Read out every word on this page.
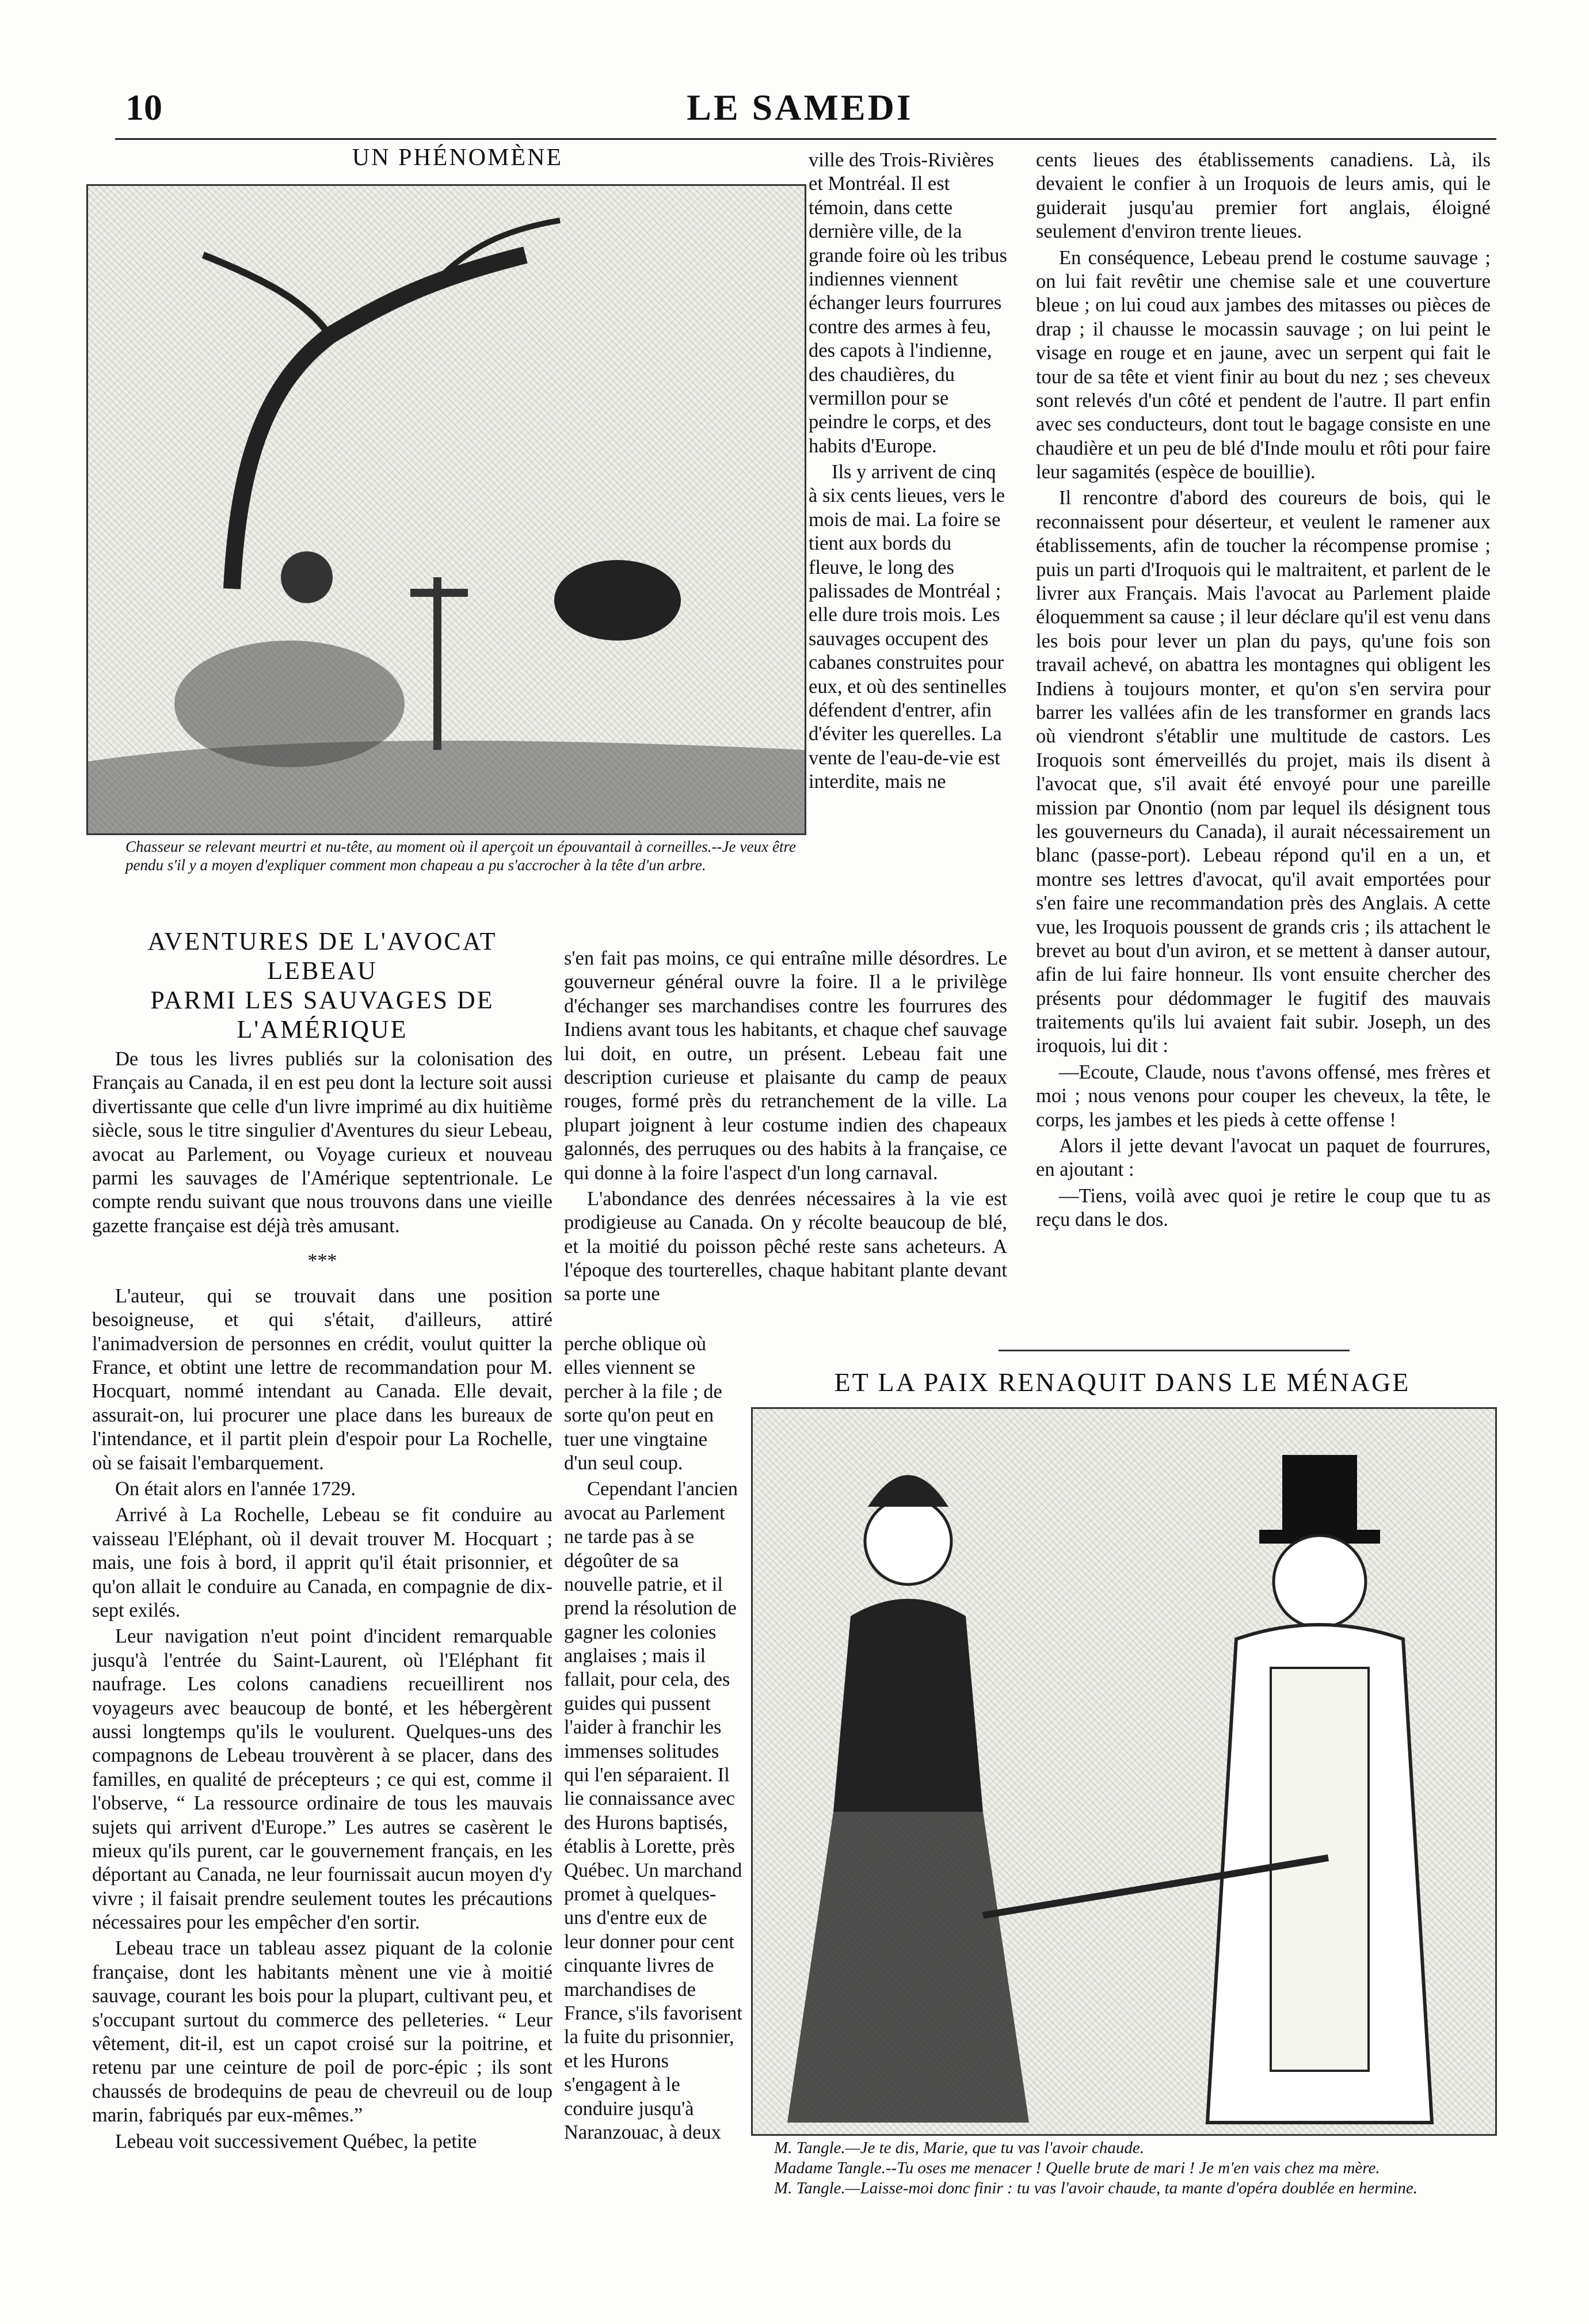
10	LE SAMEDI
UN PHÉNOMÈNE
Chasseur se relevant meurtri et nu-tête, au moment où il aperçoit un épouvantail à corneilles.--Je veux être pendu s'il y a moyen d'expliquer comment mon chapeau a pu s'accrocher à la tête d'un arbre.
AVENTURES DE L'AVOCAT LEBEAU
PARMI LES SAUVAGES DE
L'AMÉRIQUE

De tous les livres publiés sur la colonisation des Français au Canada, il en est peu dont la lecture soit aussi divertissante que celle d'un livre imprimé au dix huitième siècle, sous le titre singulier d'Aventures du sieur Lebeau, avocat au Parlement, ou Voyage curieux et nouveau parmi les sauvages de l'Amérique septentrionale. Le compte rendu suivant que nous trouvons dans une vieille gazette française est déjà très amusant.

***

L'auteur, qui se trouvait dans une position besoigneuse, et qui s'était, d'ailleurs, attiré l'animadversion de personnes en crédit, voulut quitter la France, et obtint une lettre de recommandation pour M. Hocquart, nommé intendant au Canada. Elle devait, assurait-on, lui procurer une place dans les bureaux de l'intendance, et il partit plein d'espoir pour La Rochelle, où se faisait l'embarquement.

On était alors en l'année 1729.

Arrivé à La Rochelle, Lebeau se fit conduire au vaisseau l'Eléphant, où il devait trouver M. Hocquart ; mais, une fois à bord, il apprit qu'il était prisonnier, et qu'on allait le conduire au Canada, en compagnie de dix-sept exilés.

Leur navigation n'eut point d'incident remarquable jusqu'à l'entrée du Saint-Laurent, où l'Eléphant fit naufrage. Les colons canadiens recueillirent nos voyageurs avec beaucoup de bonté, et les hébergèrent aussi longtemps qu'ils le voulurent. Quelques-uns des compagnons de Lebeau trouvèrent à se placer, dans des familles, en qualité de précepteurs ; ce qui est, comme il l'observe, “ La ressource ordinaire de tous les mauvais sujets qui arrivent d'Europe.” Les autres se casèrent le mieux qu'ils purent, car le gouvernement français, en les déportant au Canada, ne leur fournissait aucun moyen d'y vivre ; il faisait prendre seulement toutes les précautions nécessaires pour les empêcher d'en sortir.

Lebeau trace un tableau assez piquant de la colonie française, dont les habitants mènent une vie à moitié sauvage, courant les bois pour la plupart, cultivant peu, et s'occupant surtout du commerce des pelleteries. “ Leur vêtement, dit-il, est un capot croisé sur la poitrine, et retenu par une ceinture de poil de porc-épic ; ils sont chaussés de brodequins de peau de chevreuil ou de loup marin, fabriqués par eux-mêmes.”

Lebeau voit successivement Québec, la petite

ville des Trois-Rivières et Montréal. Il est témoin, dans cette dernière ville, de la grande foire où les tribus indiennes viennent échanger leurs fourrures contre des armes à feu, des capots à l'indienne, des chaudières, du vermillon pour se peindre le corps, et des habits d'Europe.

Ils y arrivent de cinq à six cents lieues, vers le mois de mai. La foire se tient aux bords du fleuve, le long des palissades de Montréal ; elle dure trois mois. Les sauvages occupent des cabanes construites pour eux, et où des sentinelles défendent d'entrer, afin d'éviter les querelles. La vente de l'eau-de-vie est interdite, mais ne

s'en fait pas moins, ce qui entraîne mille désordres. Le gouverneur général ouvre la foire. Il a le privilège d'échanger ses marchandises contre les fourrures des Indiens avant tous les habitants, et chaque chef sauvage lui doit, en outre, un présent. Lebeau fait une description curieuse et plaisante du camp de peaux rouges, formé près du retranchement de la ville. La plupart joignent à leur costume indien des chapeaux galonnés, des perruques ou des habits à la française, ce qui donne à la foire l'aspect d'un long carnaval.

L'abondance des denrées nécessaires à la vie est prodigieuse au Canada. On y récolte beaucoup de blé, et la moitié du poisson pêché reste sans acheteurs. A l'époque des tourterelles, chaque habitant plante devant sa porte une

perche oblique où elles viennent se percher à la file ; de sorte qu'on peut en tuer une vingtaine d'un seul coup.

Cependant l'ancien avocat au Parlement ne tarde pas à se dégoûter de sa nouvelle patrie, et il prend la résolution de gagner les colonies anglaises ; mais il fallait, pour cela, des guides qui pussent l'aider à franchir les immenses solitudes qui l'en séparaient. Il lie connaissance avec des Hurons baptisés, établis à Lorette, près Québec. Un marchand promet à quelques-uns d'entre eux de leur donner pour cent cinquante livres de marchandises de France, s'ils favorisent la fuite du prisonnier, et les Hurons s'engagent à le conduire jusqu'à Naranzouac, à deux

cents lieues des établissements canadiens. Là, ils devaient le confier à un Iroquois de leurs amis, qui le guiderait jusqu'au premier fort anglais, éloigné seulement d'environ trente lieues.

En conséquence, Lebeau prend le costume sauvage ; on lui fait revêtir une chemise sale et une couverture bleue ; on lui coud aux jambes des mitasses ou pièces de drap ; il chausse le mocassin sauvage ; on lui peint le visage en rouge et en jaune, avec un serpent qui fait le tour de sa tête et vient finir au bout du nez ; ses cheveux sont relevés d'un côté et pendent de l'autre. Il part enfin avec ses conducteurs, dont tout le bagage consiste en une chaudière et un peu de blé d'Inde moulu et rôti pour faire leur sagamités (espèce de bouillie).

Il rencontre d'abord des coureurs de bois, qui le reconnaissent pour déserteur, et veulent le ramener aux établissements, afin de toucher la récompense promise ; puis un parti d'Iroquois qui le maltraitent, et parlent de le livrer aux Français. Mais l'avocat au Parlement plaide éloquemment sa cause ; il leur déclare qu'il est venu dans les bois pour lever un plan du pays, qu'une fois son travail achevé, on abattra les montagnes qui obligent les Indiens à toujours monter, et qu'on s'en servira pour barrer les vallées afin de les transformer en grands lacs où viendront s'établir une multitude de castors. Les Iroquois sont émerveillés du projet, mais ils disent à l'avocat que, s'il avait été envoyé pour une pareille mission par Onontio (nom par lequel ils désignent tous les gouverneurs du Canada), il aurait nécessairement un blanc (passe-port). Lebeau répond qu'il en a un, et montre ses lettres d'avocat, qu'il avait emportées pour s'en faire une recommandation près des Anglais. A cette vue, les Iroquois poussent de grands cris ; ils attachent le brevet au bout d'un aviron, et se mettent à danser autour, afin de lui faire honneur. Ils vont ensuite chercher des présents pour dédommager le fugitif des mauvais traitements qu'ils lui avaient fait subir. Joseph, un des iroquois, lui dit :

—Ecoute, Claude, nous t'avons offensé, mes frères et moi ; nous venons pour couper les cheveux, la tête, le corps, les jambes et les pieds à cette offense !

Alors il jette devant l'avocat un paquet de fourrures, en ajoutant :

—Tiens, voilà avec quoi je retire le coup que tu as reçu dans le dos.

ET LA PAIX RENAQUIT DANS LE MÉNAGE
M. Tangle.—Je te dis, Marie, que tu vas l'avoir chaude.
Madame Tangle.--Tu oses me menacer ! Quelle brute de mari ! Je m'en vais chez ma mère.
M. Tangle.—Laisse-moi donc finir : tu vas l'avoir chaude, ta mante d'opéra doublée en hermine.
